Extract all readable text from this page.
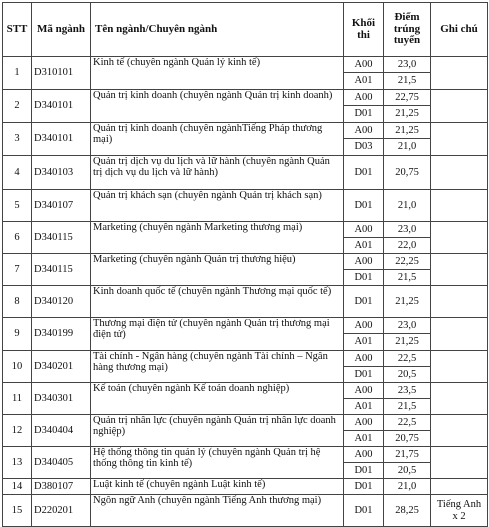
STT	Mã ngành	Tên ngành/Chuyên ngành	Khối thi	Điểm trúng tuyển	Ghi chú
1	D310101	Kinh tế (chuyên ngành Quản lý kinh tế)	A00	23,0	
			A01	21,5	
2	D340101	Quản trị kinh doanh (chuyên ngành Quản trị kinh doanh)	A00	22,75	
			D01	21,25	
3	D340101	Quản trị kinh doanh (chuyên ngànhTiếng Pháp thương mại)	A00	21,25	
			D03	21,0	
4	D340103	Quản trị dịch vụ du lịch và lữ hành (chuyên ngành Quản trị dịch vụ du lịch và lữ hành)	D01	20,75	
5	D340107	Quản trị khách sạn (chuyên ngành Quản trị khách sạn)	D01	21,0	
6	D340115	Marketing (chuyên ngành Marketing thương mại)	A00	23,0	
			A01	22,0	
7	D340115	Marketing (chuyên ngành Quản trị thương hiệu)	A00	22,25	
			D01	21,5	
8	D340120	Kinh doanh quốc tế (chuyên ngành Thương mại quốc tế)	D01	21,25	
9	D340199	Thương mại điện tử (chuyên ngành Quản trị thương mại điện tử)	A00	23,0	
			A01	21,25	
10	D340201	Tài chính - Ngân hàng (chuyên ngành Tài chính – Ngân hàng thương mại)	A00	22,5	
			D01	20,5	
11	D340301	Kế toán (chuyên ngành Kế toán doanh nghiệp)	A00	23,5	
			A01	21,5	
12	D340404	Quản trị nhân lực (chuyên ngành Quản trị nhân lực doanh nghiệp)	A00	22,5	
			A01	20,75	
13	D340405	Hệ thống thông tin quản lý (chuyên ngành Quản trị hệ thống thông tin kinh tế)	A00	21,75	
			D01	20,5	
14	D380107	Luật kinh tế (chuyên ngành Luật kinh tế)	D01	21,0	
15	D220201	Ngôn ngữ Anh (chuyên ngành Tiếng Anh thương mại)	D01	28,25	Tiếng Anh x 2
